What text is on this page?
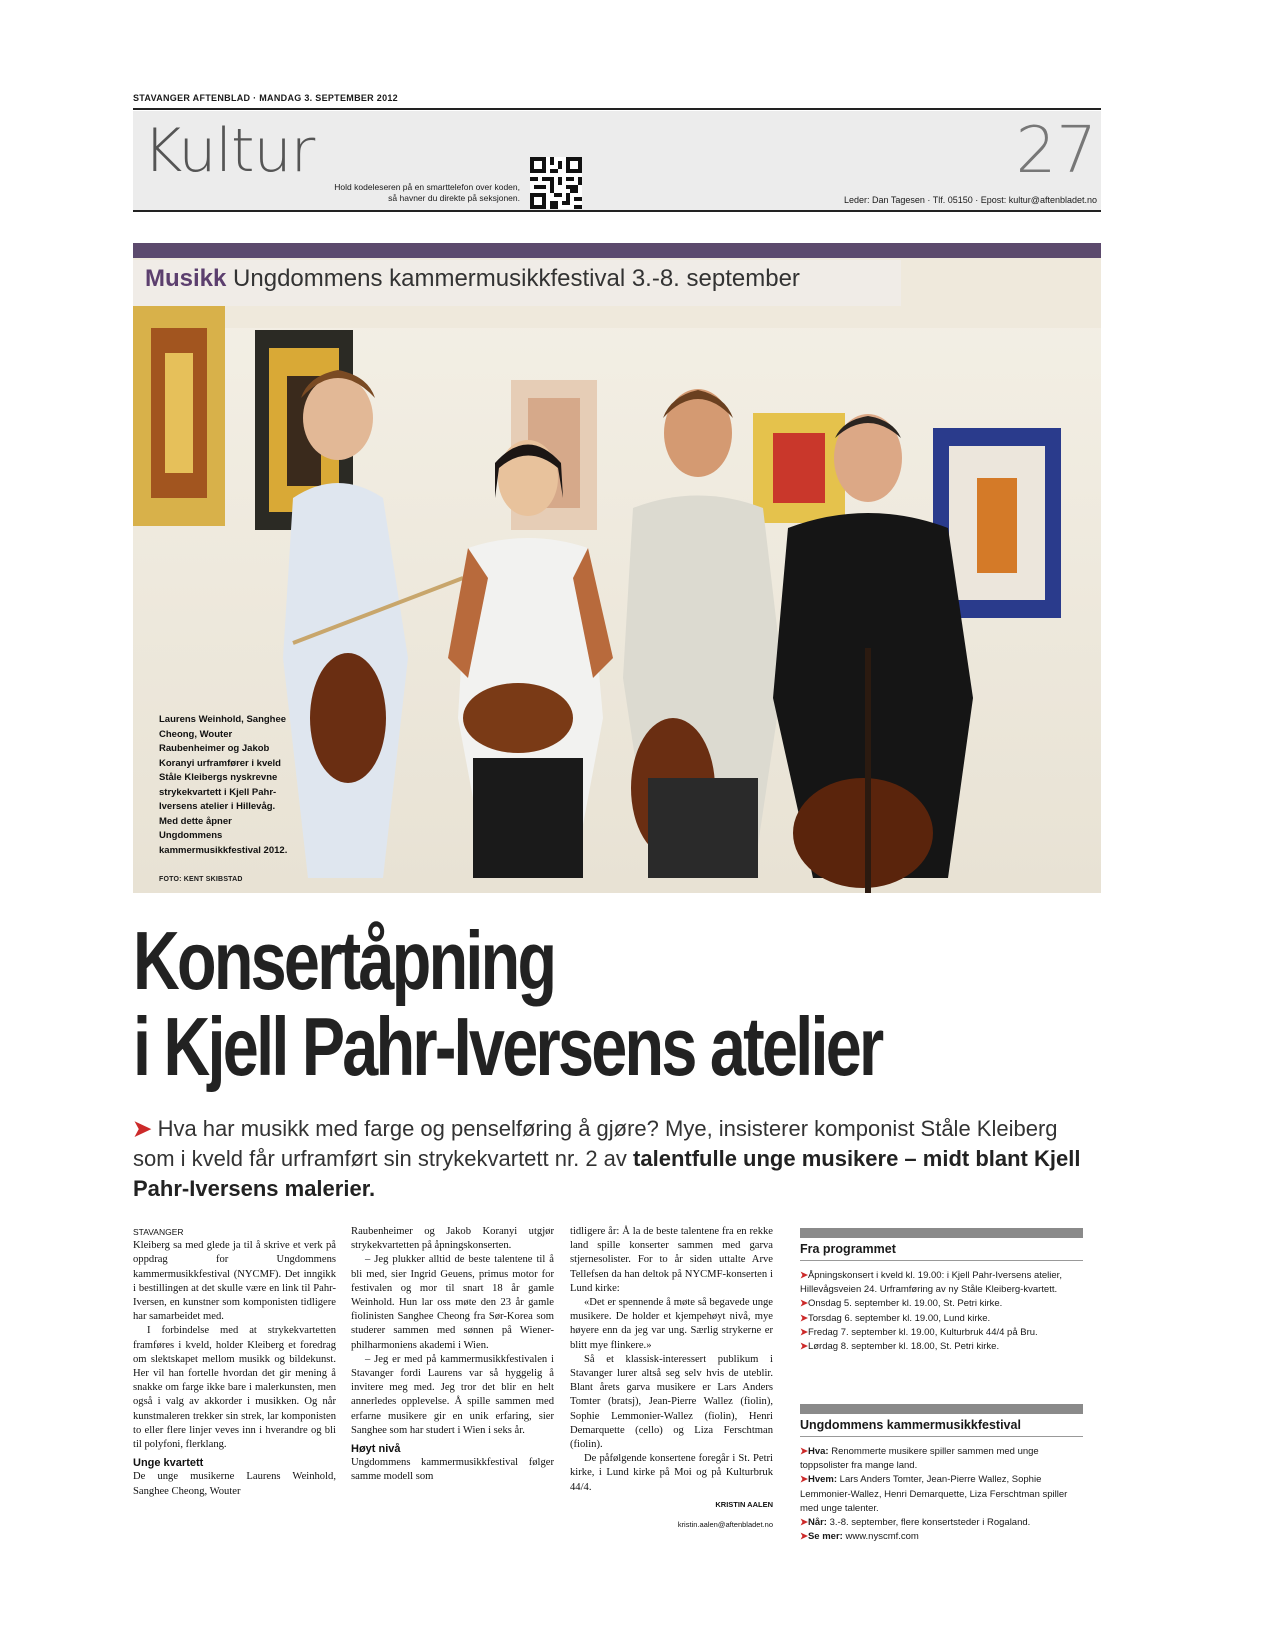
STAVANGER AFTENBLAD · MANDAG 3. SEPTEMBER 2012
Kultur
Hold kodeleseren på en smarttelefon over koden,
så havner du direkte på seksjonen.
27
Leder: Dan Tagesen · Tlf. 05150 · Epost: kultur@aftenbladet.no
Musikk Ungdommens kammermusikkfestival 3.-8. september
Laurens Weinhold, Sanghee Cheong, Wouter Raubenheimer og Jakob Koranyi urframfører i kveld Ståle Kleibergs nyskrevne strykekvartett i Kjell Pahr-Iversens atelier i Hillevåg. Med dette åpner Ungdommens kammermusikkfestival 2012.
FOTO: KENT SKIBSTAD
Konsertåpning
i Kjell Pahr-Iversens atelier
➤ Hva har musikk med farge og penselføring å gjøre? Mye, insisterer komponist Ståle Kleiberg som i kveld får urframført sin strykekvartett nr. 2 av talentfulle unge musikere – midt blant Kjell Pahr-Iversens malerier.
STAVANGER

Kleiberg sa med glede ja til å skrive et verk på oppdrag for Ungdommens kammermusikkfestival (NYCMF). Det inngikk i bestillingen at det skulle være en link til Pahr-Iversen, en kunstner som komponisten tidligere har samarbeidet med.

I forbindelse med at strykekvartetten framføres i kveld, holder Kleiberg et foredrag om slektskapet mellom musikk og bildekunst. Her vil han fortelle hvordan det gir mening å snakke om farge ikke bare i malerkunsten, men også i valg av akkorder i musikken. Og når kunstmaleren trekker sin strek, lar komponisten to eller flere linjer veves inn i hverandre og bli til polyfoni, flerklang.

Unge kvartett

De unge musikerne Laurens Weinhold, Sanghee Cheong, Wouter

Raubenheimer og Jakob Koranyi utgjør strykekvartetten på åpningskonserten.

– Jeg plukker alltid de beste talentene til å bli med, sier Ingrid Geuens, primus motor for festivalen og mor til snart 18 år gamle Weinhold. Hun lar oss møte den 23 år gamle fiolinisten Sanghee Cheong fra Sør-Korea som studerer sammen med sønnen på Wiener-philharmoniens akademi i Wien.

– Jeg er med på kammermusikkfestivalen i Stavanger fordi Laurens var så hyggelig å invitere meg med. Jeg tror det blir en helt annerledes opplevelse. Å spille sammen med erfarne musikere gir en unik erfaring, sier Sanghee som har studert i Wien i seks år.

Høyt nivå

Ungdommens kammermusikkfestival følger samme modell som

tidligere år: Å la de beste talentene fra en rekke land spille konserter sammen med garva stjernesolister. For to år siden uttalte Arve Tellefsen da han deltok på NYCMF-konserten i Lund kirke:

«Det er spennende å møte så begavede unge musikere. De holder et kjempehøyt nivå, mye høyere enn da jeg var ung. Særlig strykerne er blitt mye flinkere.»

Så et klassisk-interessert publikum i Stavanger lurer altså seg selv hvis de uteblir. Blant årets garva musikere er Lars Anders Tomter (bratsj), Jean-Pierre Wallez (fiolin), Sophie Lemmonier-Wallez (fiolin), Henri Demarquette (cello) og Liza Ferschtman (fiolin).

De påfølgende konsertene foregår i St. Petri kirke, i Lund kirke på Moi og på Kulturbruk 44/4.

KRISTIN AALEN
kristin.aalen@aftenbladet.no
Fra programmet
➤Åpningskonsert i kveld kl. 19.00: i Kjell Pahr-Iversens atelier, Hillevågsveien 24. Urframføring av ny Ståle Kleiberg-kvartett.
➤Onsdag 5. september kl. 19.00, St. Petri kirke.
➤Torsdag 6. september kl. 19.00, Lund kirke.
➤Fredag 7. september kl. 19.00, Kulturbruk 44/4 på Bru.
➤Lørdag 8. september kl. 18.00, St. Petri kirke.
Ungdommens kammermusikkfestival
➤Hva: Renommerte musikere spiller sammen med unge toppsolister fra mange land.
➤Hvem: Lars Anders Tomter, Jean-Pierre Wallez, Sophie Lemmonier-Wallez, Henri Demarquette, Liza Ferschtman spiller med unge talenter.
➤Når: 3.-8. september, flere konsertsteder i Rogaland.
➤Se mer: www.nyscmf.com
